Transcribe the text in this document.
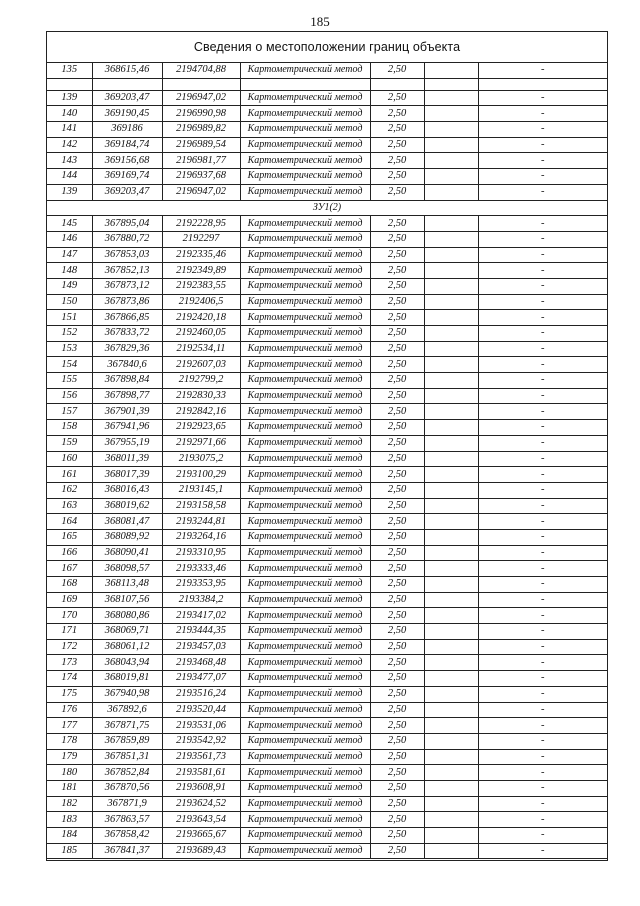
185
Сведения о местоположении границ объекта
135	368615,46	2194704,88	Картометрический метод	2,50		-

139	369203,47	2196947,02	Картометрический метод	2,50		-
140	369190,45	2196990,98	Картометрический метод	2,50		-
141	369186	2196989,82	Картометрический метод	2,50		-
142	369184,74	2196989,54	Картометрический метод	2,50		-
143	369156,68	2196981,77	Картометрический метод	2,50		-
144	369169,74	2196937,68	Картометрический метод	2,50		-
139	369203,47	2196947,02	Картометрический метод	2,50		-
ЗУ1(2)						
145	367895,04	2192228,95	Картометрический метод	2,50		-
146	367880,72	2192297	Картометрический метод	2,50		-
147	367853,03	2192335,46	Картометрический метод	2,50		-
148	367852,13	2192349,89	Картометрический метод	2,50		-
149	367873,12	2192383,55	Картометрический метод	2,50		-
150	367873,86	2192406,5	Картометрический метод	2,50		-
151	367866,85	2192420,18	Картометрический метод	2,50		-
152	367833,72	2192460,05	Картометрический метод	2,50		-
153	367829,36	2192534,11	Картометрический метод	2,50		-
154	367840,6	2192607,03	Картометрический метод	2,50		-
155	367898,84	2192799,2	Картометрический метод	2,50		-
156	367898,77	2192830,33	Картометрический метод	2,50		-
157	367901,39	2192842,16	Картометрический метод	2,50		-
158	367941,96	2192923,65	Картометрический метод	2,50		-
159	367955,19	2192971,66	Картометрический метод	2,50		-
160	368011,39	2193075,2	Картометрический метод	2,50		-
161	368017,39	2193100,29	Картометрический метод	2,50		-
162	368016,43	2193145,1	Картометрический метод	2,50		-
163	368019,62	2193158,58	Картометрический метод	2,50		-
164	368081,47	2193244,81	Картометрический метод	2,50		-
165	368089,92	2193264,16	Картометрический метод	2,50		-
166	368090,41	2193310,95	Картометрический метод	2,50		-
167	368098,57	2193333,46	Картометрический метод	2,50		-
168	368113,48	2193353,95	Картометрический метод	2,50		-
169	368107,56	2193384,2	Картометрический метод	2,50		-
170	368080,86	2193417,02	Картометрический метод	2,50		-
171	368069,71	2193444,35	Картометрический метод	2,50		-
172	368061,12	2193457,03	Картометрический метод	2,50		-
173	368043,94	2193468,48	Картометрический метод	2,50		-
174	368019,81	2193477,07	Картометрический метод	2,50		-
175	367940,98	2193516,24	Картометрический метод	2,50		-
176	367892,6	2193520,44	Картометрический метод	2,50		-
177	367871,75	2193531,06	Картометрический метод	2,50		-
178	367859,89	2193542,92	Картометрический метод	2,50		-
179	367851,31	2193561,73	Картометрический метод	2,50		-
180	367852,84	2193581,61	Картометрический метод	2,50		-
181	367870,56	2193608,91	Картометрический метод	2,50		-
182	367871,9	2193624,52	Картометрический метод	2,50		-
183	367863,57	2193643,54	Картометрический метод	2,50		-
184	367858,42	2193665,67	Картометрический метод	2,50		-
185	367841,37	2193689,43	Картометрический метод	2,50		-
